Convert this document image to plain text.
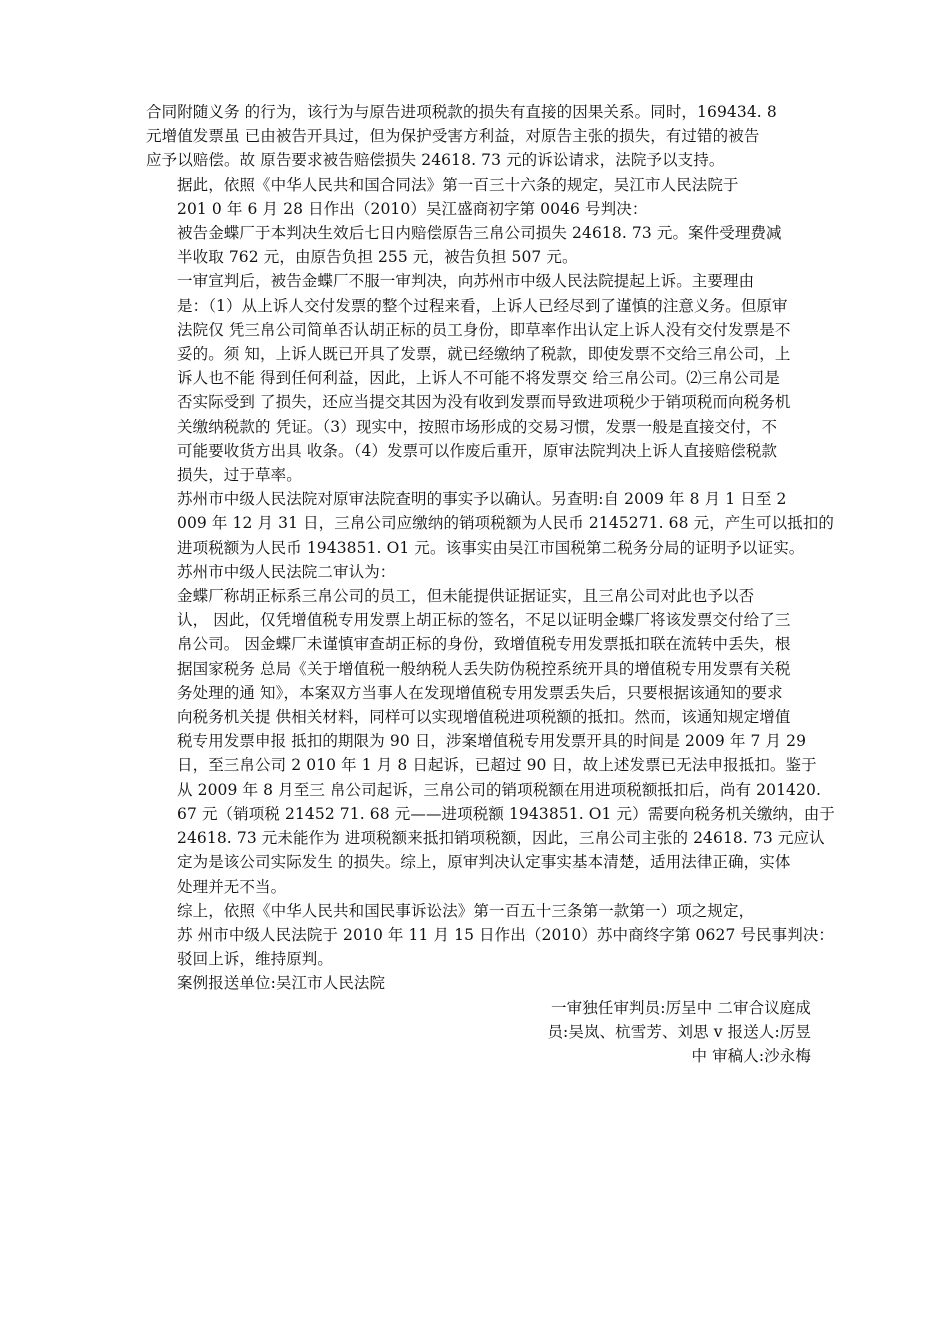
合同附随义务 的行为，该行为与原告进项税款的损失有直接的因果关系。同时，169434. 8
元增值发票虽 已由被告开具过，但为保护受害方利益，对原告主张的损失，有过错的被告
应予以赔偿。故 原告要求被告赔偿损失 24618. 73 元的诉讼请求，法院予以支持。

据此，依照《中华人民共和国合同法》第一百三十六条的规定，吴江市人民法院于
201 0 年 6 月 28 日作出（2010）吴江盛商初字第 0046 号判决：

被告金蝶厂于本判决生效后七日内赔偿原告三帛公司损失 24618. 73 元。案件受理费减
半收取 762 元，由原告负担 255 元，被告负担 507 元。

一审宣判后，被告金蝶厂不服一审判决，向苏州市中级人民法院提起上诉。主要理由
是：（1）从上诉人交付发票的整个过程来看，上诉人已经尽到了谨慎的注意义务。但原审
法院仅 凭三帛公司简单否认胡正标的员工身份，即草率作出认定上诉人没有交付发票是不
妥的。须 知，上诉人既已开具了发票，就已经缴纳了税款，即使发票不交给三帛公司，上
诉人也不能 得到任何利益，因此，上诉人不可能不将发票交 给三帛公司。⑵三帛公司是
否实际受到 了损失，还应当提交其因为没有收到发票而导致进项税少于销项税而向税务机
关缴纳税款的 凭证。（3）现实中，按照市场形成的交易习惯，发票一般是直接交付，不
可能要收货方出具 收条。（4）发票可以作废后重开，原审法院判决上诉人直接赔偿税款
损失，过于草率。

苏州市中级人民法院对原审法院查明的事实予以确认。另查明:自 2009 年 8 月 1 日至 2
009 年 12 月 31 日，三帛公司应缴纳的销项税额为人民币 2145271. 68 元，产生可以抵扣的
进项税额为人民币 1943851. O1 元。该事实由吴江市国税第二税务分局的证明予以证实。

苏州市中级人民法院二审认为：

金蝶厂称胡正标系三帛公司的员工，但未能提供证据证实，且三帛公司对此也予以否
认， 因此，仅凭增值税专用发票上胡正标的签名，不足以证明金蝶厂将该发票交付给了三
帛公司。 因金蝶厂未谨慎审查胡正标的身份，致增值税专用发票抵扣联在流转中丢失，根
据国家税务 总局《关于增值税一般纳税人丢失防伪税控系统开具的增值税专用发票有关税
务处理的通 知》，本案双方当事人在发现增值税专用发票丢失后，只要根据该通知的要求
向税务机关提 供相关材料，同样可以实现增值税进项税额的抵扣。然而，该通知规定增值
税专用发票申报 抵扣的期限为 90 日，涉案增值税专用发票开具的时间是 2009 年 7 月 29
日，至三帛公司 2 010 年 1 月 8 日起诉，已超过 90 日，故上述发票已无法申报抵扣。鉴于
从 2009 年 8 月至三 帛公司起诉，三帛公司的销项税额在用进项税额抵扣后，尚有 201420.
67 元（销项税 21452 71. 68 元——进项税额 1943851. O1 元）需要向税务机关缴纳，由于
24618. 73 元未能作为 进项税额来抵扣销项税额，因此，三帛公司主张的 24618. 73 元应认
定为是该公司实际发生 的损失。综上，原审判决认定事实基本清楚，适用法律正确，实体
处理并无不当。

综上，依照《中华人民共和国民事诉讼法》第一百五十三条第一款第一）项之规定，
苏 州市中级人民法院于 2010 年 11 月 15 日作出（2010）苏中商终字第 0627 号民事判决：

驳回上诉，维持原判。

案例报送单位:吴江市人民法院

一审独任审判员:厉呈中 二审合议庭成
员:吴岚、杭雪芳、刘思 v 报送人:厉昱
中 审稿人:沙永梅
